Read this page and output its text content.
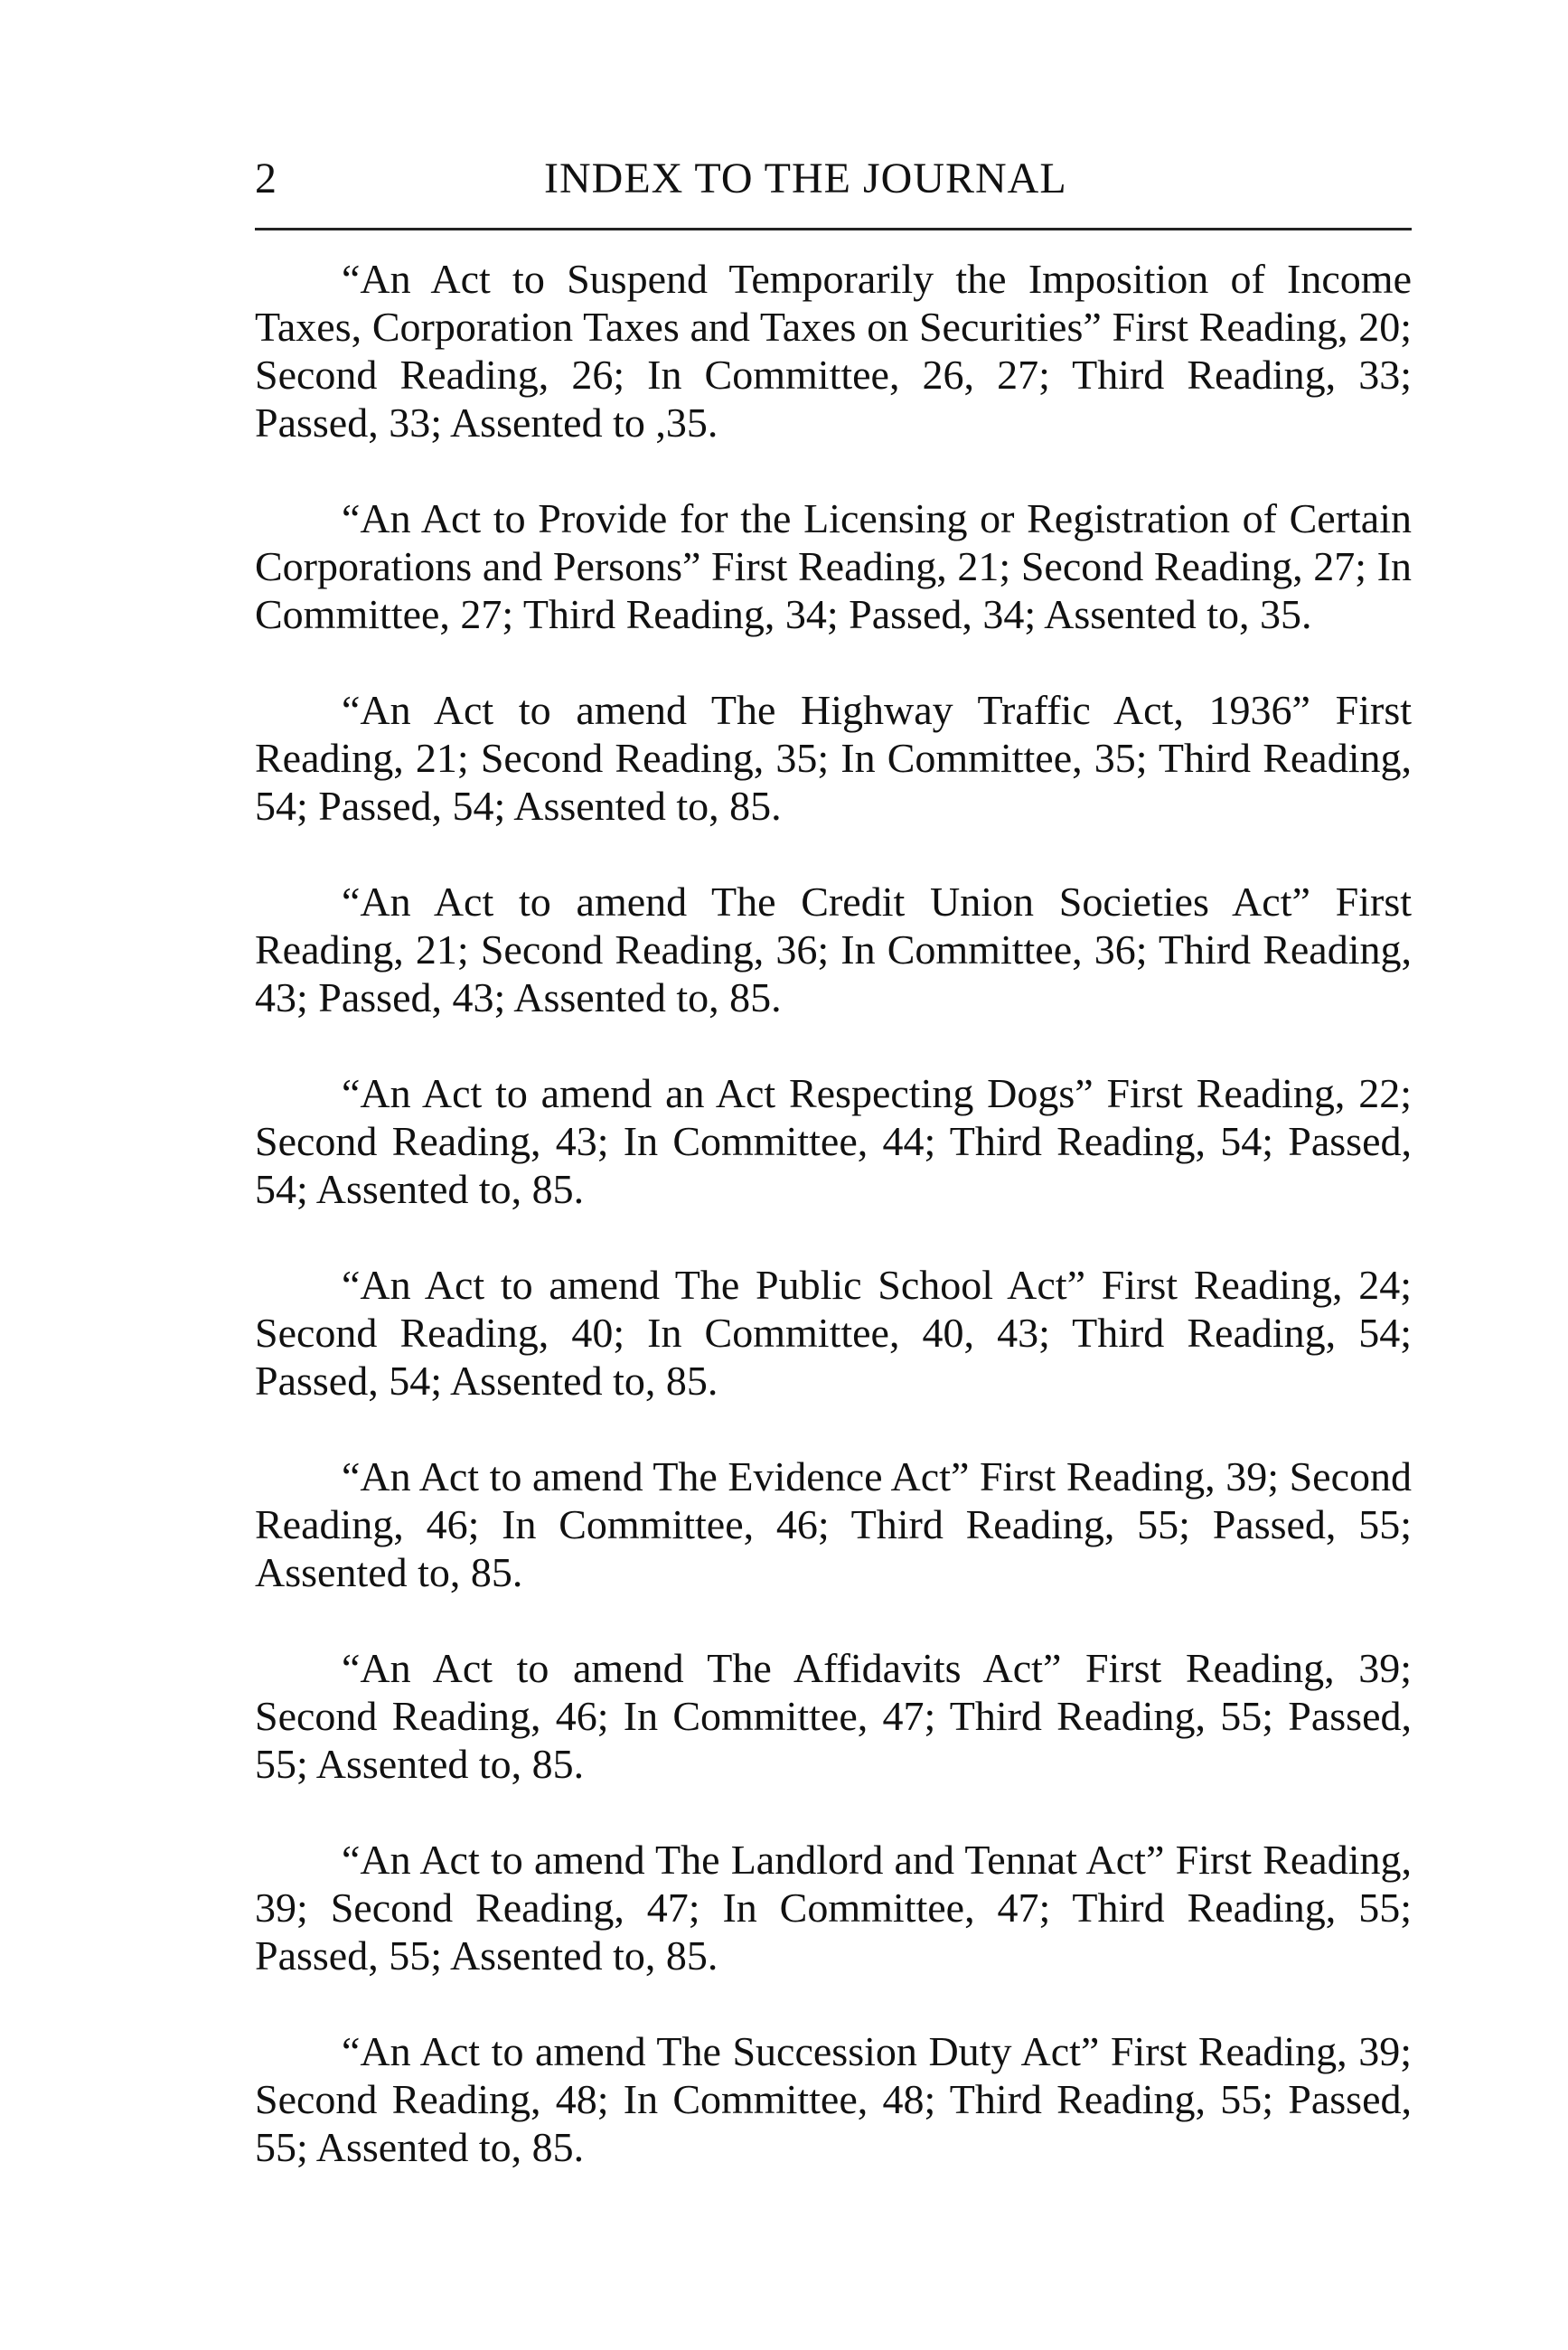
2	INDEX TO THE JOURNAL

“An Act to Suspend Temporarily the Imposition of Income Taxes, Corporation Taxes and Taxes on Securities” First Reading, 20; Second Reading, 26; In Committee, 26, 27; Third Reading, 33; Passed, 33; Assented to ,35.

“An Act to Provide for the Licensing or Registration of Certain Corporations and Persons” First Reading, 21; Second Reading, 27; In Committee, 27; Third Reading, 34; Passed, 34; Assented to, 35.

“An Act to amend The Highway Traffic Act, 1936” First Reading, 21; Second Reading, 35; In Committee, 35; Third Reading, 54; Passed, 54; Assented to, 85.

“An Act to amend The Credit Union Societies Act” First Reading, 21; Second Reading, 36; In Committee, 36; Third Reading, 43; Passed, 43; Assented to, 85.

“An Act to amend an Act Respecting Dogs” First Reading, 22; Second Reading, 43; In Committee, 44; Third Reading, 54; Passed, 54; Assented to, 85.

“An Act to amend The Public School Act” First Reading, 24; Second Reading, 40; In Committee, 40, 43; Third Reading, 54; Passed, 54; Assented to, 85.

“An Act to amend The Evidence Act” First Reading, 39; Second Reading, 46; In Committee, 46; Third Reading, 55; Passed, 55; Assented to, 85.

“An Act to amend The Affidavits Act” First Reading, 39; Second Reading, 46; In Committee, 47; Third Reading, 55; Passed, 55; Assented to, 85.

“An Act to amend The Landlord and Tennat Act” First Reading, 39; Second Reading, 47; In Committee, 47; Third Reading, 55; Passed, 55; Assented to, 85.

“An Act to amend The Succession Duty Act” First Reading, 39; Second Reading, 48; In Committee, 48; Third Reading, 55; Passed, 55; Assented to, 85.
